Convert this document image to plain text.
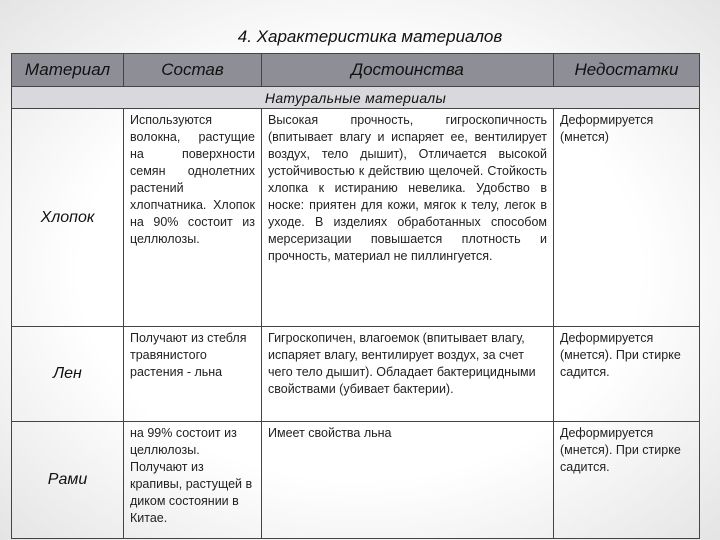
4. Характеристика материалов
Материал	Состав	Достоинства	Недостатки
Натуральные материалы			
Хлопок	Используются волокна, растущие на поверхности семян однолетних растений хлопчатника. Хлопок на 90% состоит из целлюлозы.	Высокая прочность, гигроскопичность (впитывает влагу и испаряет ее, вентилирует воздух, тело дышит), Отличается высокой устойчивостью к действию щелочей. Стойкость хлопка к истиранию невелика. Удобство в носке: приятен для кожи, мягок к телу, легок в уходе. В изделиях обработанных способом мерсеризации повышается плотность и прочность, материал не пиллингуется.	Деформируется (мнется)
Лен	Получают из стебля травянистого растения - льна	Гигроскопичен, влагоемок (впитывает влагу, испаряет влагу, вентилирует воздух, за счет чего тело дышит). Обладает бактерицидными свойствами (убивает бактерии).	Деформируется (мнется). При стирке садится.
Рами	на 99% состоит из целлюлозы. Получают из крапивы, растущей в диком состоянии в Китае.	Имеет свойства льна	Деформируется (мнется). При стирке садится.
